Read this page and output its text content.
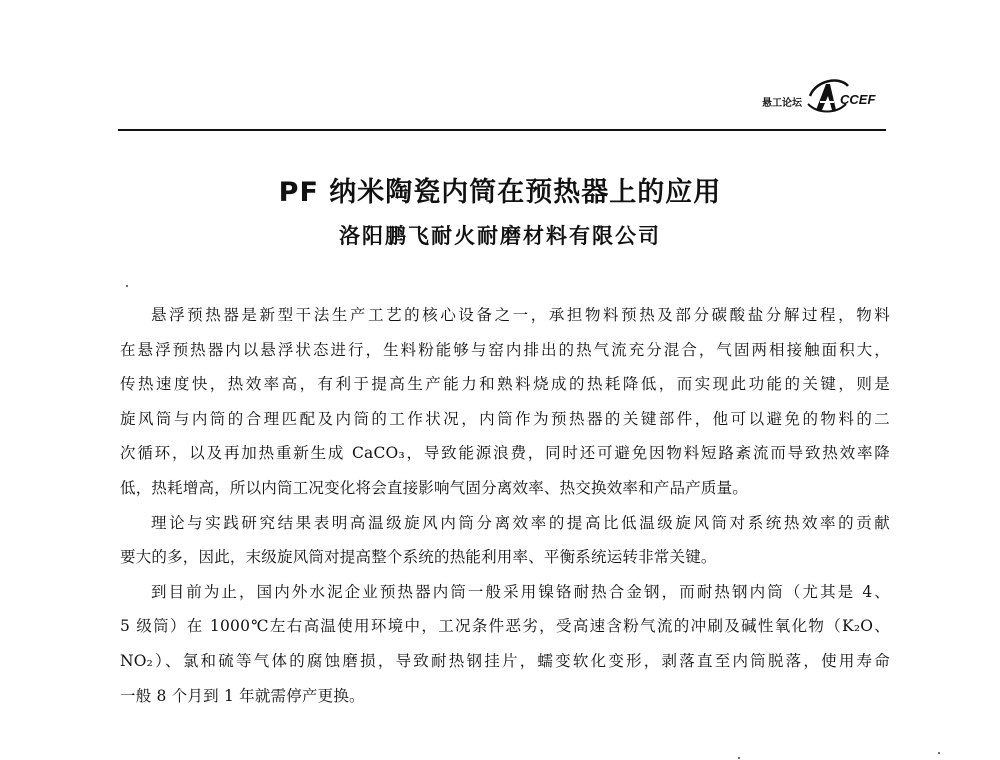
悬工论坛	CCEF
PF 纳米陶瓷内筒在预热器上的应用
洛阳鹏飞耐火耐磨材料有限公司
悬浮预热器是新型干法生产工艺的核心设备之一，承担物料预热及部分碳酸盐分解过程，物料
在悬浮预热器内以悬浮状态进行，生料粉能够与窑内排出的热气流充分混合，气固两相接触面积大，
传热速度快，热效率高，有利于提高生产能力和熟料烧成的热耗降低，而实现此功能的关键，则是
旋风筒与内筒的合理匹配及内筒的工作状况，内筒作为预热器的关键部件，他可以避免的物料的二
次循环，以及再加热重新生成 CaCO₃，导致能源浪费，同时还可避免因物料短路紊流而导致热效率降
低，热耗增高，所以内筒工况变化将会直接影响气固分离效率、热交换效率和产品产质量。
理论与实践研究结果表明高温级旋风内筒分离效率的提高比低温级旋风筒对系统热效率的贡献
要大的多，因此，末级旋风筒对提高整个系统的热能利用率、平衡系统运转非常关键。
到目前为止，国内外水泥企业预热器内筒一般采用镍铬耐热合金钢，而耐热钢内筒（尤其是 4、
5 级筒）在 1000℃左右高温使用环境中，工况条件恶劣，受高速含粉气流的冲刷及碱性氧化物（K₂O、
NO₂）、氯和硫等气体的腐蚀磨损，导致耐热钢挂片，蠕变软化变形，剥落直至内筒脱落，使用寿命
一般 8 个月到 1 年就需停产更换。
